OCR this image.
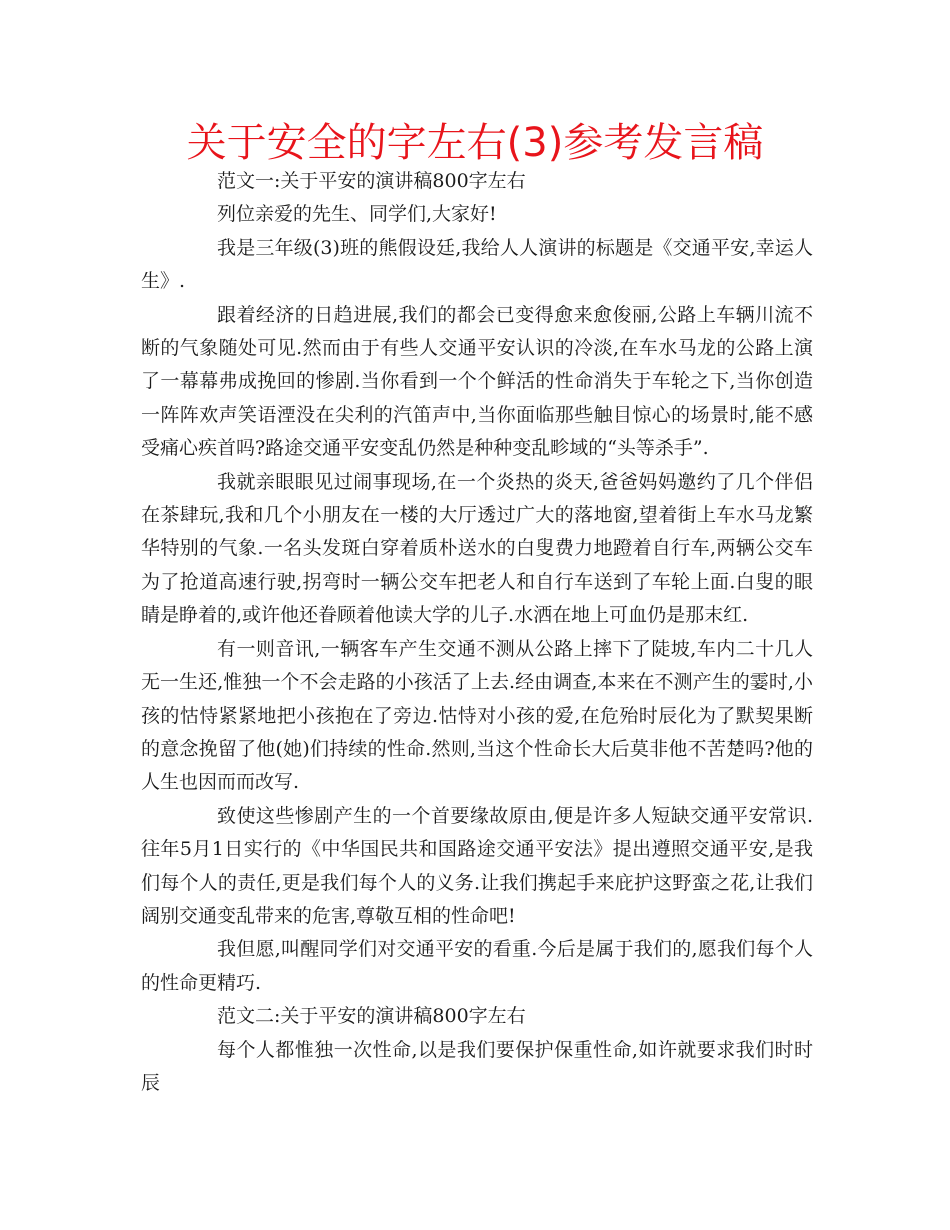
关于安全的字左右(3)参考发言稿

范文一:关于平安的演讲稿800字左右

列位亲爱的先生、同学们,大家好!

我是三年级(3)班的熊假设廷,我给人人演讲的标题是《交通平安,幸运人生》.

跟着经济的日趋进展,我们的都会已变得愈来愈俊丽,公路上车辆川流不断的气象随处可见.然而由于有些人交通平安认识的冷淡,在车水马龙的公路上演了一幕幕弗成挽回的惨剧.当你看到一个个鲜活的性命消失于车轮之下,当你创造一阵阵欢声笑语湮没在尖利的汽笛声中,当你面临那些触目惊心的场景时,能不感受痛心疾首吗?路途交通平安变乱仍然是种种变乱畛域的“头等杀手”.

我就亲眼眼见过闹事现场,在一个炎热的炎天,爸爸妈妈邀约了几个伴侣在茶肆玩,我和几个小朋友在一楼的大厅透过广大的落地窗,望着街上车水马龙繁华特别的气象.一名头发斑白穿着质朴送水的白叟费力地蹬着自行车,两辆公交车为了抢道高速行驶,拐弯时一辆公交车把老人和自行车送到了车轮上面.白叟的眼睛是睁着的,或许他还眷顾着他读大学的儿子.水洒在地上可血仍是那末红.

有一则音讯,一辆客车产生交通不测从公路上摔下了陡坡,车内二十几人无一生还,惟独一个不会走路的小孩活了上去.经由调查,本来在不测产生的霎时,小孩的怙恃紧紧地把小孩抱在了旁边.怙恃对小孩的爱,在危殆时辰化为了默契果断的意念挽留了他(她)们持续的性命.然则,当这个性命长大后莫非他不苦楚吗?他的人生也因而而改写.

致使这些惨剧产生的一个首要缘故原由,便是许多人短缺交通平安常识.往年5月1日实行的《中华国民共和国路途交通平安法》提出遵照交通平安,是我们每个人的责任,更是我们每个人的义务.让我们携起手来庇护这野蛮之花,让我们阔别交通变乱带来的危害,尊敬互相的性命吧!

我但愿,叫醒同学们对交通平安的看重.今后是属于我们的,愿我们每个人的性命更精巧.

范文二:关于平安的演讲稿800字左右

每个人都惟独一次性命,以是我们要保护保重性命,如许就要求我们时时辰
